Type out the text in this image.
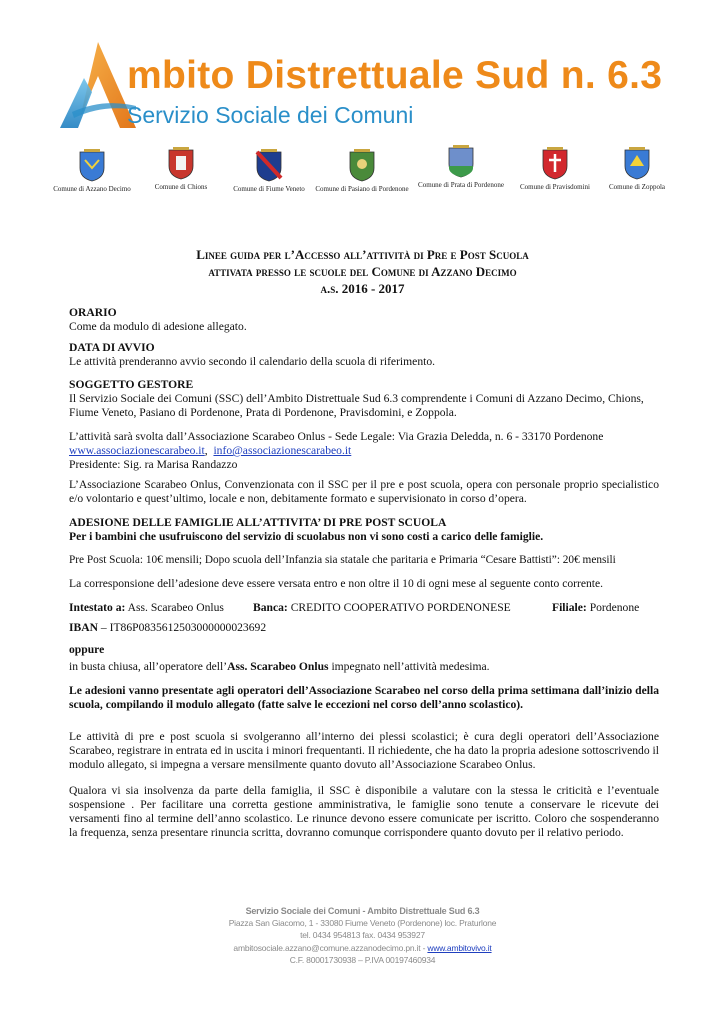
mbito Distrettuale Sud n. 6.3
Servizio Sociale dei Comuni
Comune di Azzano Decimo	Comune di Chions	Comune di Fiume Veneto	Comune di Pasiano di Pordenone	Comune di Prata di Pordenone	Comune di Pravisdomini	Comune di Zoppola
Linee guida per l’Accesso all’attività di Pre e Post Scuola
attivata presso le scuole del Comune di Azzano Decimo
a.s. 2016 - 2017
ORARIO
Come da modulo di adesione allegato.
DATA DI AVVIO
Le attività prenderanno avvio secondo il calendario della scuola di riferimento.
SOGGETTO GESTORE
Il Servizio Sociale dei Comuni (SSC) dell’Ambito Distrettuale Sud 6.3 comprendente i Comuni di Azzano Decimo, Chions,
Fiume Veneto, Pasiano di Pordenone, Prata di Pordenone, Pravisdomini, e Zoppola.
L’attività sarà svolta dall’Associazione Scarabeo Onlus - Sede Legale: Via Grazia Deledda, n. 6 - 33170 Pordenone
www.associazionescarabeo.it, info@associazionescarabeo.it
Presidente: Sig. ra Marisa Randazzo
L’Associazione Scarabeo Onlus, Convenzionata con il SSC per il pre e post scuola, opera con personale proprio specialistico e/o volontario e quest’ultimo, locale e non, debitamente formato e supervisionato in corso d’opera.
ADESIONE DELLE FAMIGLIE ALL’ATTIVITA’ DI PRE POST SCUOLA
Per i bambini che usufruiscono del servizio di scuolabus non vi sono costi a carico delle famiglie.
Pre Post Scuola: 10€ mensili; Dopo scuola dell’Infanzia sia statale che paritaria e Primaria “Cesare Battisti”: 20€ mensili
La corresponsione dell’adesione deve essere versata entro e non oltre il 10 di ogni mese al seguente conto corrente.
Intestato a: Ass. Scarabeo Onlus	Banca: CREDITO COOPERATIVO PORDENONESE	Filiale: Pordenone
IBAN – IT86P0835612503000000023692
oppure
in busta chiusa, all’operatore dell’Ass. Scarabeo Onlus impegnato nell’attività medesima.
Le adesioni vanno presentate agli operatori dell’Associazione Scarabeo nel corso della prima settimana dall’inizio della scuola, compilando il modulo allegato (fatte salve le eccezioni nel corso dell’anno scolastico).
Le attività di pre e post scuola si svolgeranno all’interno dei plessi scolastici; è cura degli operatori dell’Associazione Scarabeo, registrare in entrata ed in uscita i minori frequentanti. Il richiedente, che ha dato la propria adesione sottoscrivendo il modulo allegato, si impegna a versare mensilmente quanto dovuto all’Associazione Scarabeo Onlus.
Qualora vi sia insolvenza da parte della famiglia, il SSC è disponibile a valutare con la stessa le criticità e l’eventuale sospensione . Per facilitare una corretta gestione amministrativa, le famiglie sono tenute a conservare le ricevute dei versamenti fino al termine dell’anno scolastico. Le rinunce devono essere comunicate per iscritto. Coloro che sospenderanno la frequenza, senza presentare rinuncia scritta, dovranno comunque corrispondere quanto dovuto per il relativo periodo.
Servizio Sociale dei Comuni - Ambito Distrettuale Sud 6.3
Piazza San Giacomo, 1 - 33080 Fiume Veneto (Pordenone) loc. Praturlone
tel. 0434 954813 fax. 0434 953927
ambitosociale.azzano@comune.azzanodecimo.pn.it - www.ambitovivo.it
C.F. 80001730938 – P.IVA 00197460934
